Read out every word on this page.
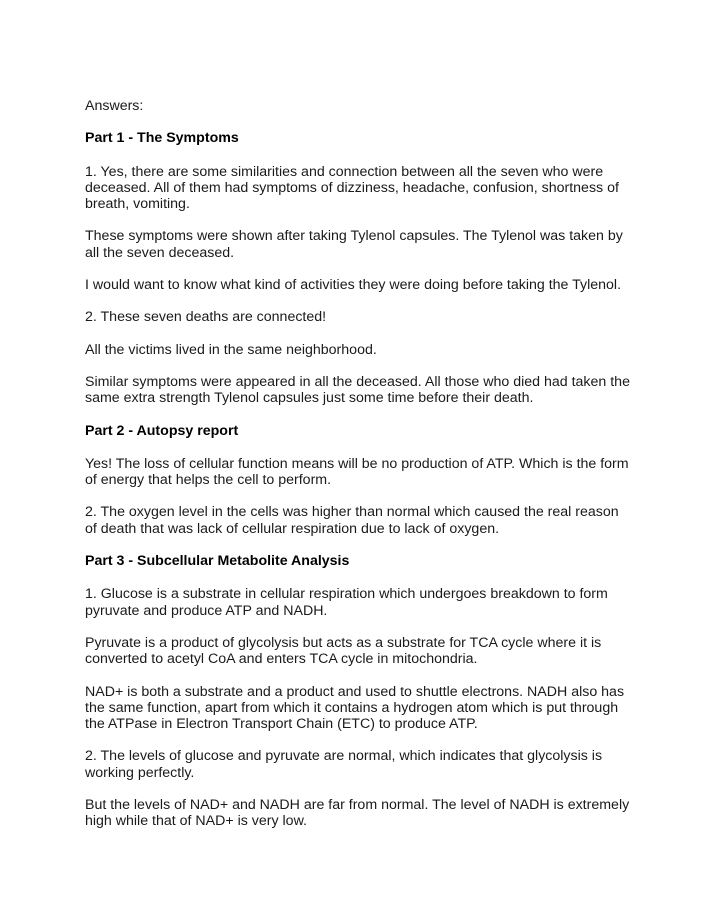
Answers:

Part 1 - The Symptoms

1. Yes, there are some similarities and connection between all the seven who were deceased. All of them had symptoms of dizziness, headache, confusion, shortness of breath, vomiting.

These symptoms were shown after taking Tylenol capsules. The Tylenol was taken by all the seven deceased.

I would want to know what kind of activities they were doing before taking the Tylenol.

2. These seven deaths are connected!

All the victims lived in the same neighborhood.

Similar symptoms were appeared in all the deceased. All those who died had taken the same extra strength Tylenol capsules just some time before their death.

Part 2 - Autopsy report

Yes! The loss of cellular function means will be no production of ATP. Which is the form of energy that helps the cell to perform.

2. The oxygen level in the cells was higher than normal which caused the real reason of death that was lack of cellular respiration due to lack of oxygen.

Part 3 - Subcellular Metabolite Analysis

1. Glucose is a substrate in cellular respiration which undergoes breakdown to form pyruvate and produce ATP and NADH.

Pyruvate is a product of glycolysis but acts as a substrate for TCA cycle where it is converted to acetyl CoA and enters TCA cycle in mitochondria.

NAD+ is both a substrate and a product and used to shuttle electrons. NADH also has the same function, apart from which it contains a hydrogen atom which is put through the ATPase in Electron Transport Chain (ETC) to produce ATP.

2. The levels of glucose and pyruvate are normal, which indicates that glycolysis is working perfectly.

But the levels of NAD+ and NADH are far from normal. The level of NADH is extremely high while that of NAD+ is very low.
